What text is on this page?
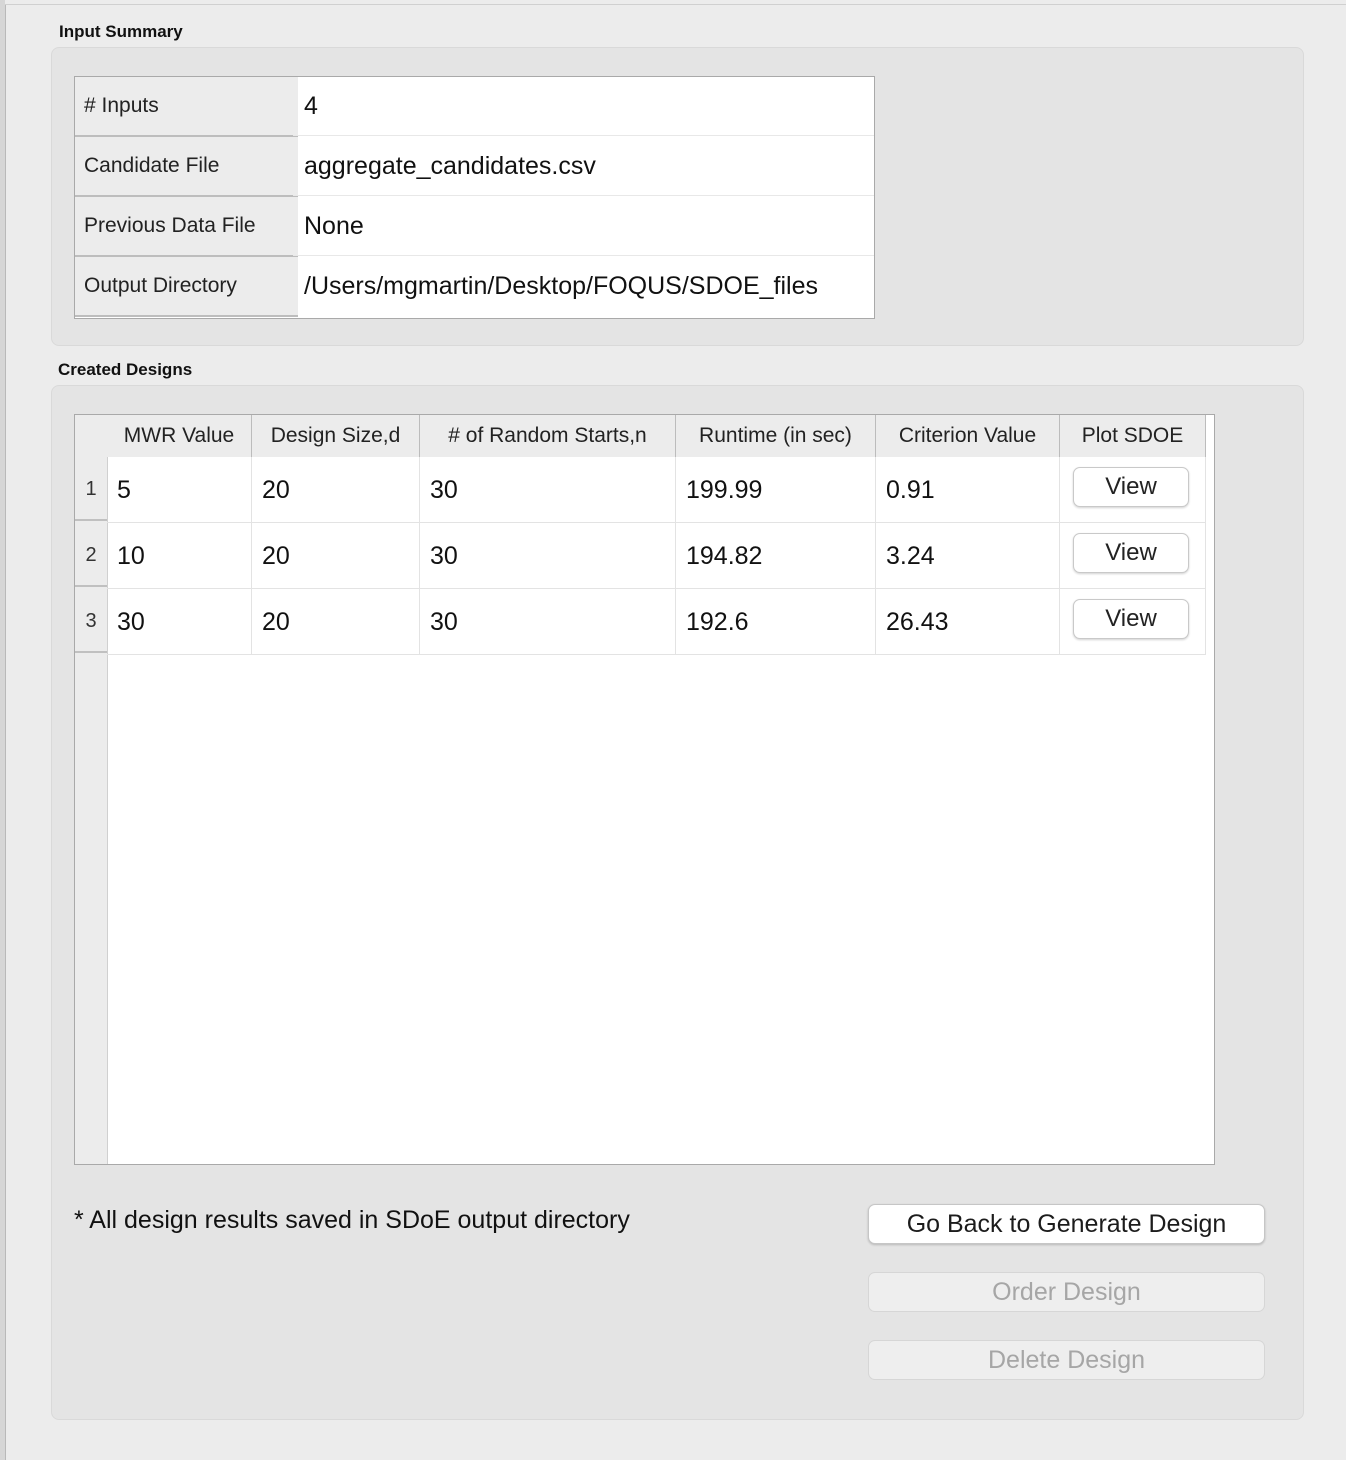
Input Summary
# Inputs	4
Candidate File	aggregate_candidates.csv
Previous Data File	None
Output Directory	/Users/mgmartin/Desktop/FOQUS/SDOE_files
Created Designs
MWR Value	Design Size,d	# of Random Starts,n	Runtime (in sec)	Criterion Value	Plot SDOE
1 5	20	30	199.99	0.91	View
2 10	20	30	194.82	3.24	View
3 30	20	30	192.6	26.43	View
* All design results saved in SDoE output directory	Go Back to Generate Design
Order Design
Delete Design
